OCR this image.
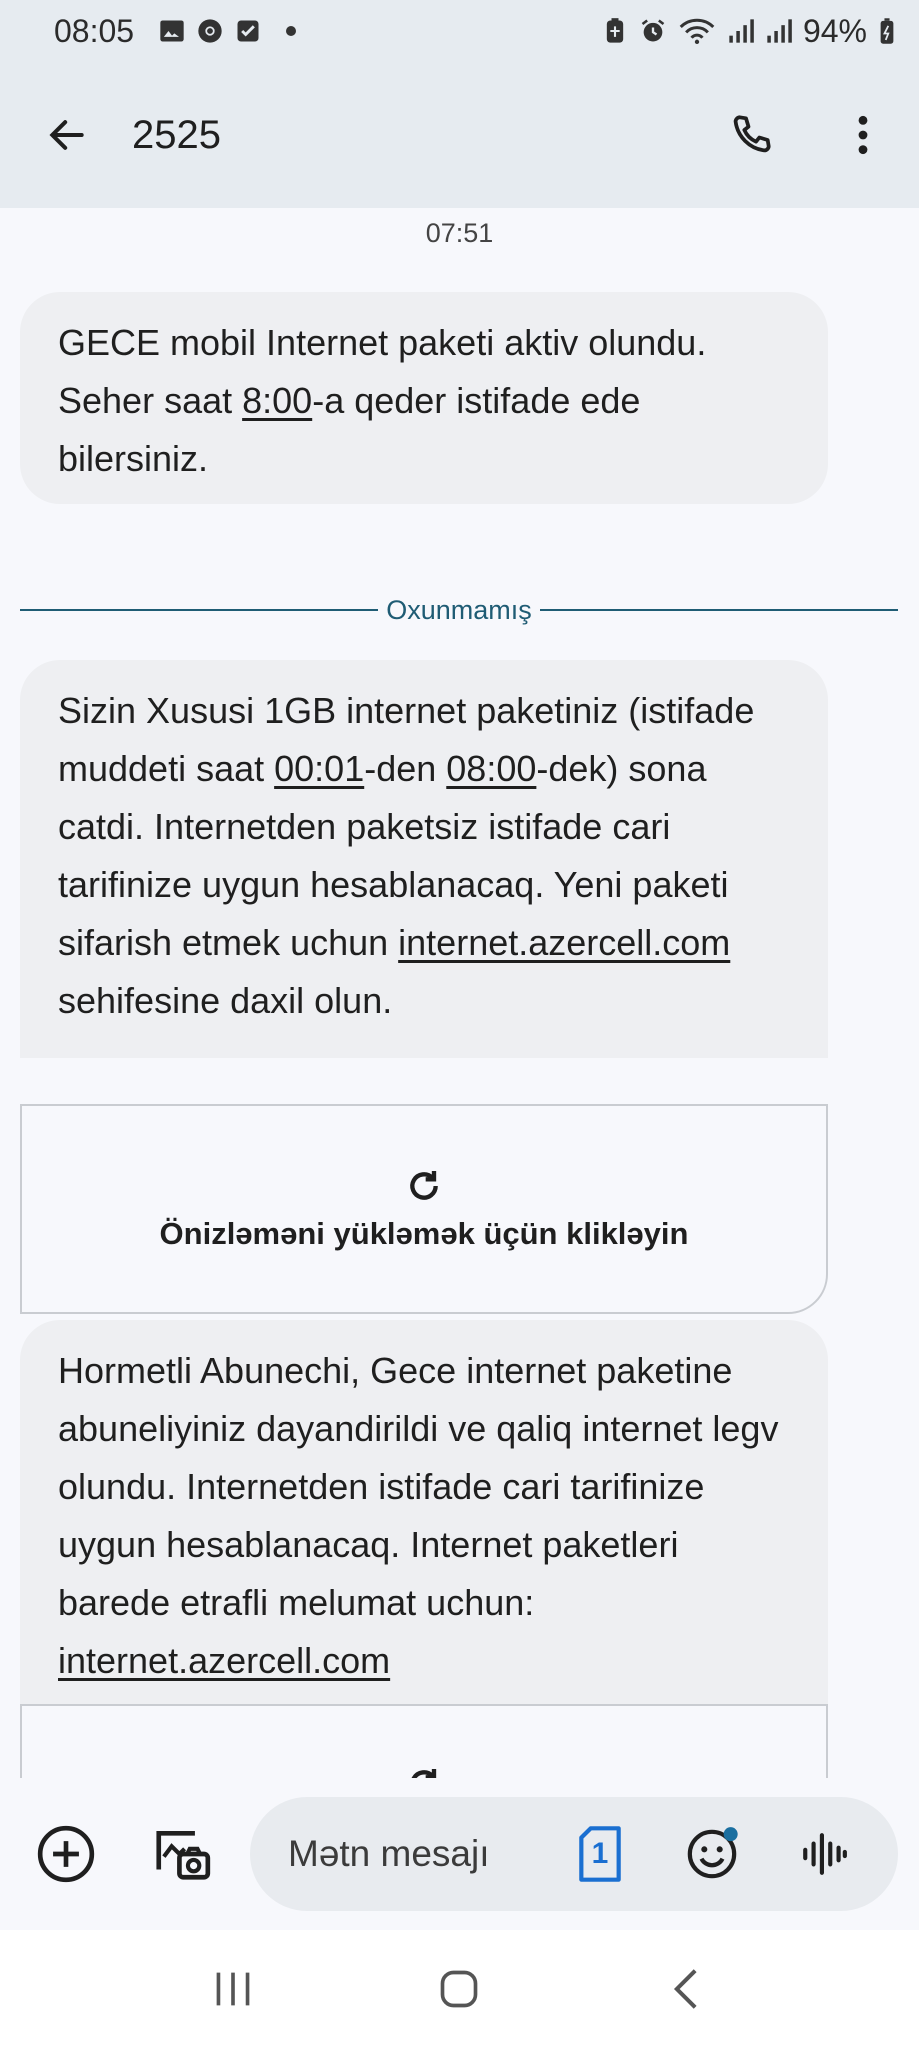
08:05	94%
2525
07:51
GECE mobil Internet paketi aktiv olundu. Seher saat 8:00-a qeder istifade ede bilersiniz.
Oxunmamış
Sizin Xususi 1GB internet paketiniz (istifade muddeti saat 00:01-den 08:00-dek) sona catdi. Internetden paketsiz istifade cari tarifinize uygun hesablanacaq. Yeni paketi sifarish etmek uchun internet.azercell.com sehifesine daxil olun.
Önizləməni yükləmək üçün klikləyin
Hormetli Abunechi, Gece internet paketine abuneliyiniz dayandirildi ve qaliq internet legv olundu. Internetden istifade cari tarifinize uygun hesablanacaq. Internet paketleri barede etrafli melumat uchun: internet.azercell.com
Mətn mesajı	1
